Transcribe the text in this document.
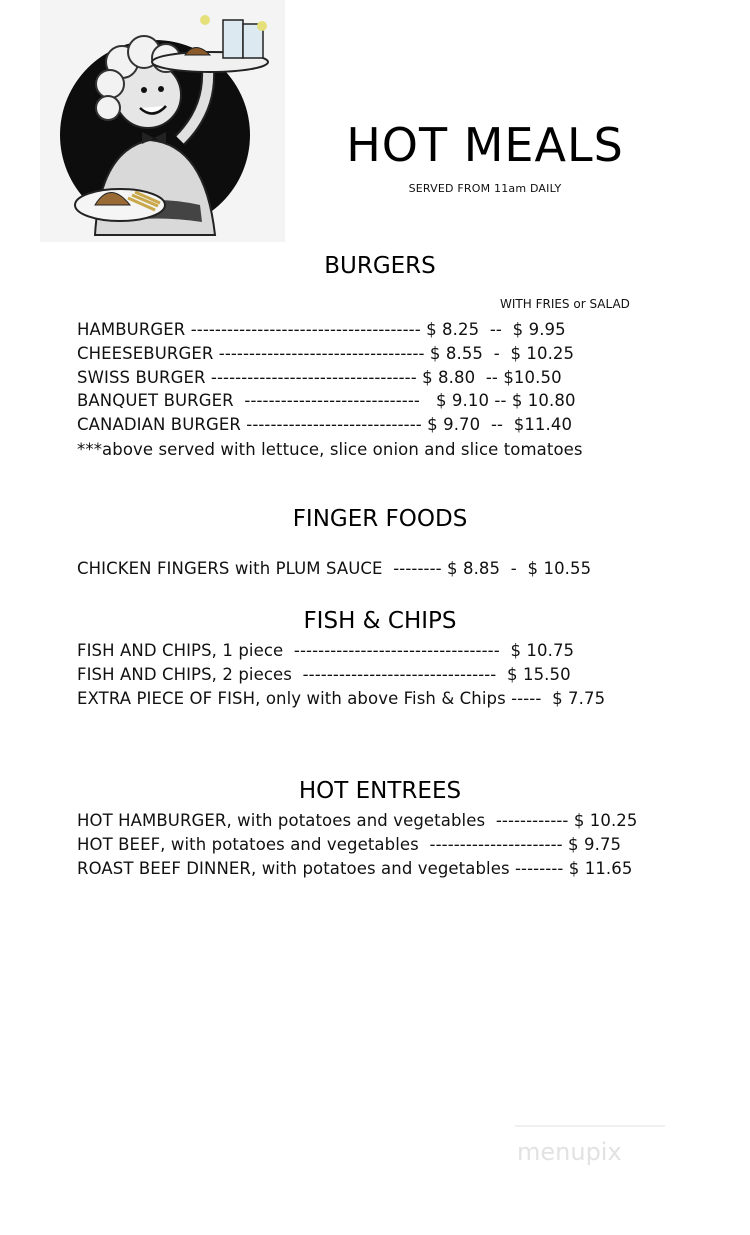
HOT MEALS
SERVED FROM 11am DAILY
BURGERS
WITH FRIES or SALAD
HAMBURGER -------------------------------------- $ 8.25  --  $ 9.95
CHEESEBURGER ---------------------------------- $ 8.55  -  $ 10.25
SWISS BURGER ---------------------------------- $ 8.80  -- $10.50
BANQUET BURGER  -----------------------------   $ 9.10 -- $ 10.80
CANADIAN BURGER ----------------------------- $ 9.70  --  $11.40
***above served with lettuce, slice onion and slice tomatoes
FINGER FOODS
CHICKEN FINGERS with PLUM SAUCE  -------- $ 8.85  -  $ 10.55
FISH & CHIPS
FISH AND CHIPS, 1 piece  ----------------------------------  $ 10.75
FISH AND CHIPS, 2 pieces  --------------------------------  $ 15.50
EXTRA PIECE OF FISH, only with above Fish & Chips -----  $ 7.75
HOT ENTREES
HOT HAMBURGER, with potatoes and vegetables  ------------ $ 10.25
HOT BEEF, with potatoes and vegetables  ---------------------- $ 9.75
ROAST BEEF DINNER, with potatoes and vegetables -------- $ 11.65
menupix
